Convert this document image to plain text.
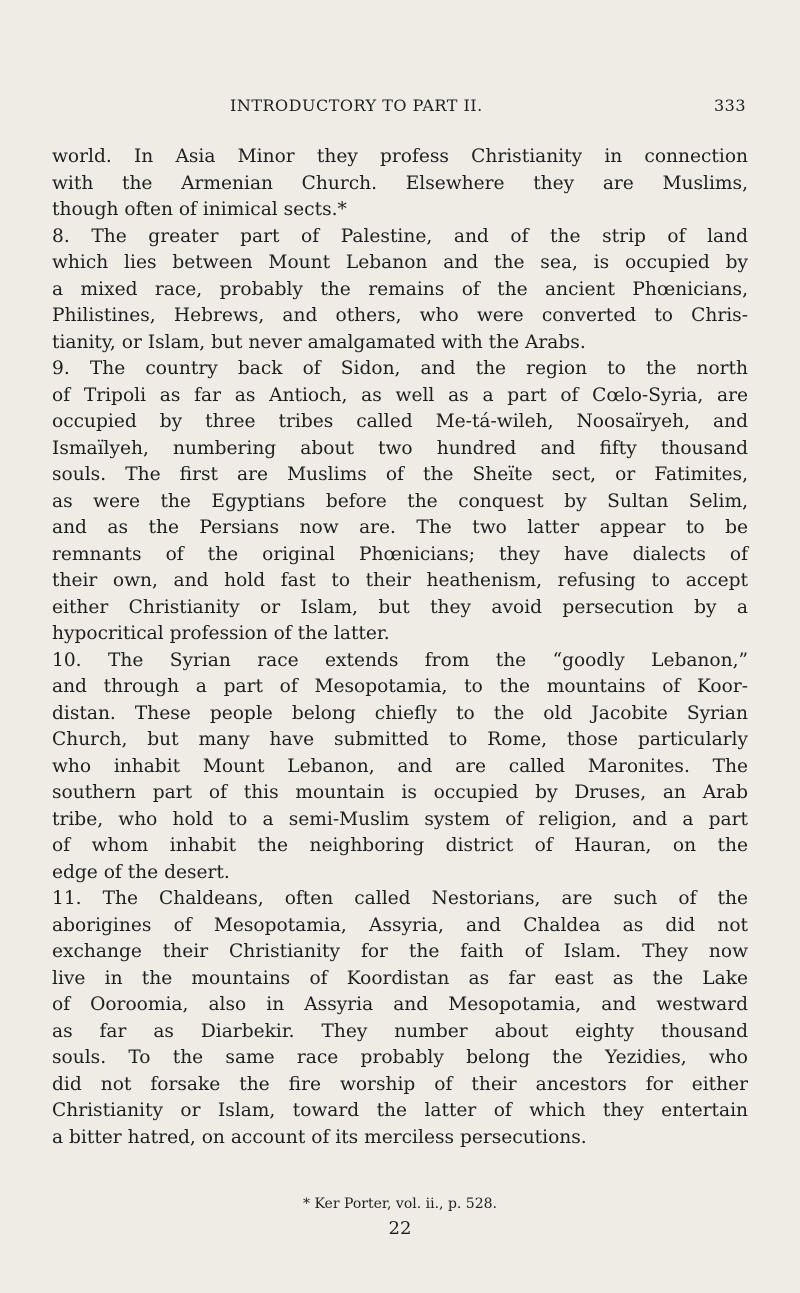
INTRODUCTORY TO PART II.	333
world. In Asia Minor they profess Christianity in connection
with the Armenian Church. Elsewhere they are Muslims,
though often of inimical sects.*
8. The greater part of Palestine, and of the strip of land
which lies between Mount Lebanon and the sea, is occupied by
a mixed race, probably the remains of the ancient Phœnicians,
Philistines, Hebrews, and others, who were converted to Chris-
tianity, or Islam, but never amalgamated with the Arabs.
9. The country back of Sidon, and the region to the north
of Tripoli as far as Antioch, as well as a part of Cœlo-Syria, are
occupied by three tribes called Me-tá-wileh, Noosaïryeh, and
Ismaïlyeh, numbering about two hundred and fifty thousand
souls. The first are Muslims of the Sheïte sect, or Fatimites,
as were the Egyptians before the conquest by Sultan Selim,
and as the Persians now are. The two latter appear to be
remnants of the original Phœnicians; they have dialects of
their own, and hold fast to their heathenism, refusing to accept
either Christianity or Islam, but they avoid persecution by a
hypocritical profession of the latter.
10. The Syrian race extends from the “goodly Lebanon,”
and through a part of Mesopotamia, to the mountains of Koor-
distan. These people belong chiefly to the old Jacobite Syrian
Church, but many have submitted to Rome, those particularly
who inhabit Mount Lebanon, and are called Maronites. The
southern part of this mountain is occupied by Druses, an Arab
tribe, who hold to a semi-Muslim system of religion, and a part
of whom inhabit the neighboring district of Hauran, on the
edge of the desert.
11. The Chaldeans, often called Nestorians, are such of the
aborigines of Mesopotamia, Assyria, and Chaldea as did not
exchange their Christianity for the faith of Islam. They now
live in the mountains of Koordistan as far east as the Lake
of Ooroomia, also in Assyria and Mesopotamia, and westward
as far as Diarbekir. They number about eighty thousand
souls. To the same race probably belong the Yezidies, who
did not forsake the fire worship of their ancestors for either
Christianity or Islam, toward the latter of which they entertain
a bitter hatred, on account of its merciless persecutions.
* Ker Porter, vol. ii., p. 528.
22
